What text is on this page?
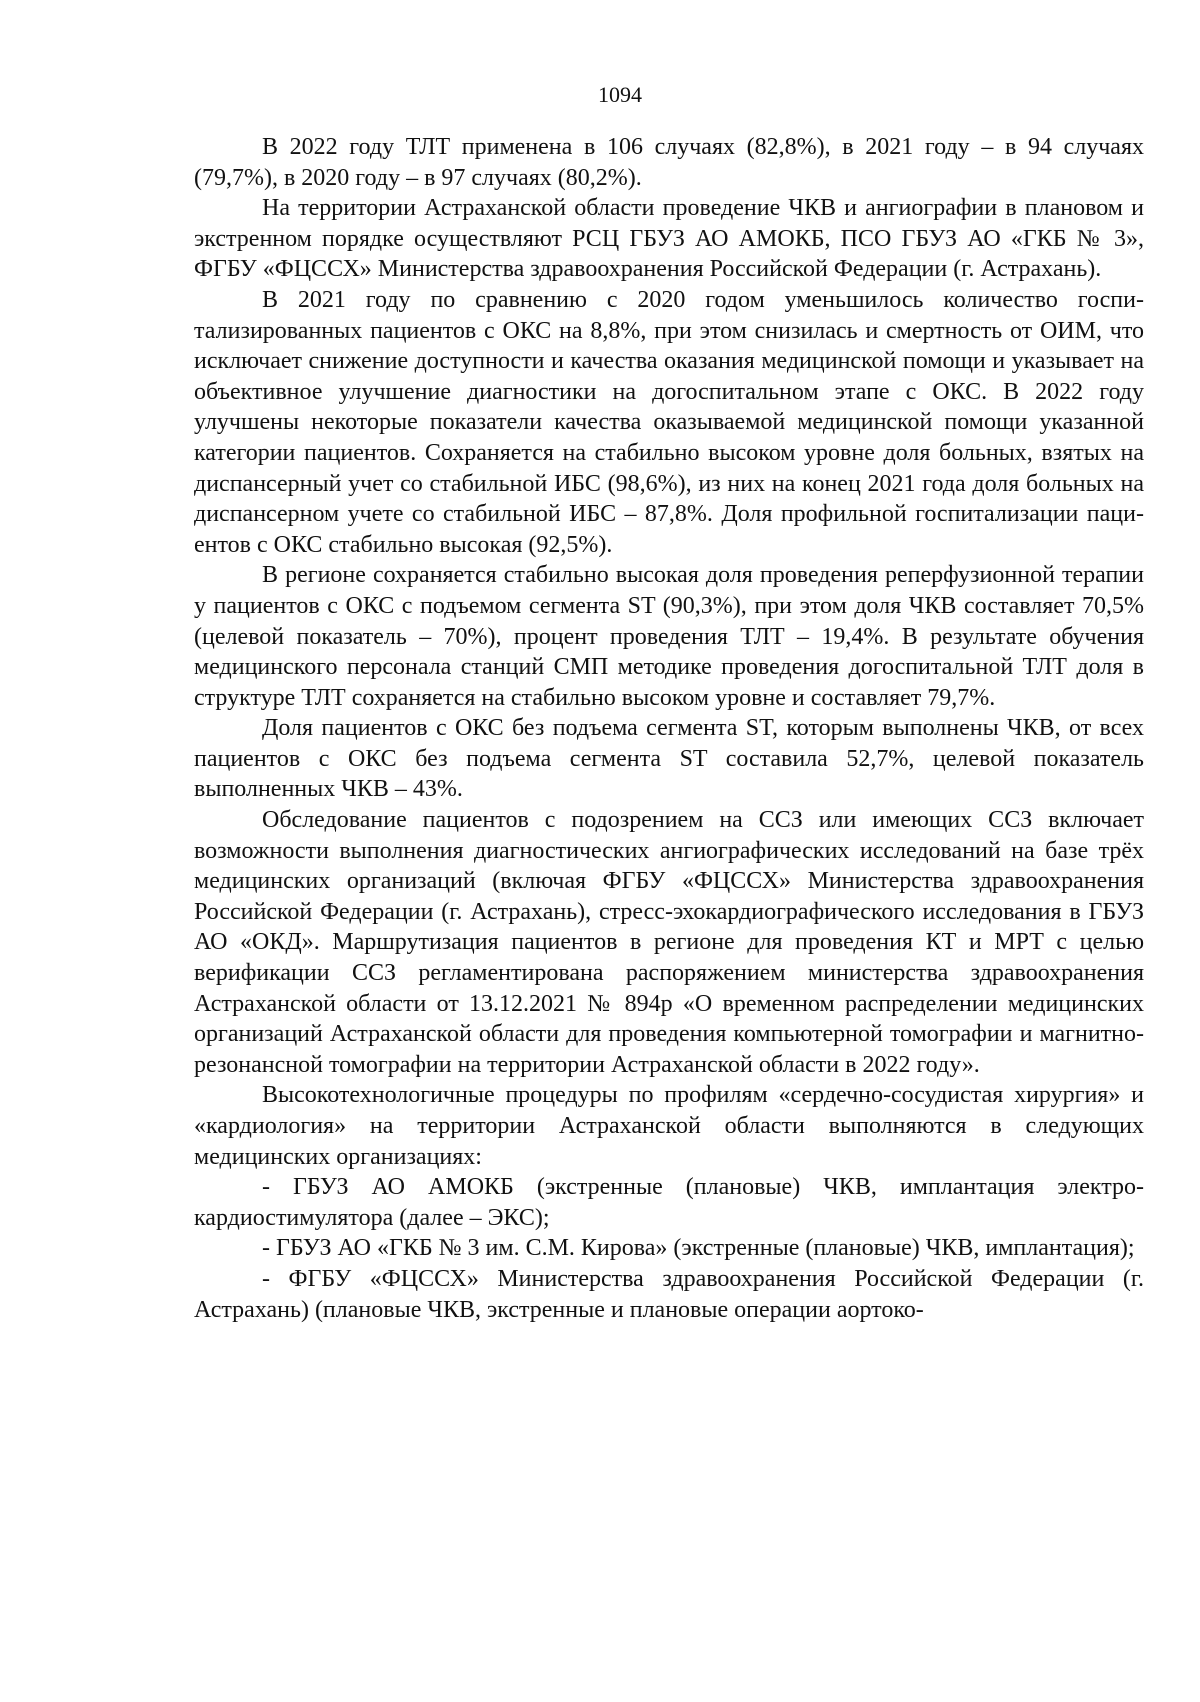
1094

В 2022 году ТЛТ применена в 106 случаях (82,8%), в 2021 году – в 94 случаях (79,7%), в 2020 году – в 97 случаях (80,2%).

На территории Астраханской области проведение ЧКВ и ангиографии в плановом и экстренном порядке осуществляют РСЦ ГБУЗ АО АМОКБ, ПСО ГБУЗ АО «ГКБ № 3», ФГБУ «ФЦССХ» Министерства здравоохранения Российской Федерации (г. Астрахань).

В 2021 году по сравнению с 2020 годом уменьшилось количество госпитализированных пациентов с ОКС на 8,8%, при этом снизилась и смертность от ОИМ, что исключает снижение доступности и качества оказания медицинской помощи и указывает на объективное улучшение диагностики на догоспитальном этапе с ОКС. В 2022 году улучшены некоторые показатели качества оказываемой медицинской помощи указанной категории пациентов. Сохраняется на стабильно высоком уровне доля больных, взятых на диспансерный учет со стабильной ИБС (98,6%), из них на конец 2021 года доля больных на диспансерном учете со стабильной ИБС – 87,8%. Доля профильной госпитализации пациентов с ОКС стабильно высокая (92,5%).

В регионе сохраняется стабильно высокая доля проведения реперфузионной терапии у пациентов с ОКС с подъемом сегмента ST (90,3%), при этом доля ЧКВ составляет 70,5% (целевой показатель – 70%), процент проведения ТЛТ – 19,4%. В результате обучения медицинского персонала станций СМП методике проведения догоспитальной ТЛТ доля в структуре ТЛТ сохраняется на стабильно высоком уровне и составляет 79,7%.

Доля пациентов с ОКС без подъема сегмента ST, которым выполнены ЧКВ, от всех пациентов с ОКС без подъема сегмента ST составила 52,7%, целевой показатель выполненных ЧКВ – 43%.

Обследование пациентов с подозрением на ССЗ или имеющих ССЗ включает возможности выполнения диагностических ангиографических исследований на базе трёх медицинских организаций (включая ФГБУ «ФЦССХ» Министерства здравоохранения Российской Федерации (г. Астрахань), стресс-эхокардиографического исследования в ГБУЗ АО «ОКД». Маршрутизация пациентов в регионе для проведения КТ и МРТ с целью верификации ССЗ регламентирована распоряжением министерства здравоохранения Астраханской области от 13.12.2021 № 894р «О временном распределении медицинских организаций Астраханской области для проведения компьютерной томографии и магнитно-резонансной томографии на территории Астраханской области в 2022 году».

Высокотехнологичные процедуры по профилям «сердечно-сосудистая хирургия» и «кардиология» на территории Астраханской области выполняются в следующих медицинских организациях:

- ГБУЗ АО АМОКБ (экстренные (плановые) ЧКВ, имплантация электрокардиостимулятора (далее – ЭКС);

- ГБУЗ АО «ГКБ № 3 им. С.М. Кирова» (экстренные (плановые) ЧКВ, имплантация);

- ФГБУ «ФЦССХ» Министерства здравоохранения Российской Федерации (г. Астрахань) (плановые ЧКВ, экстренные и плановые операции аортоко-
